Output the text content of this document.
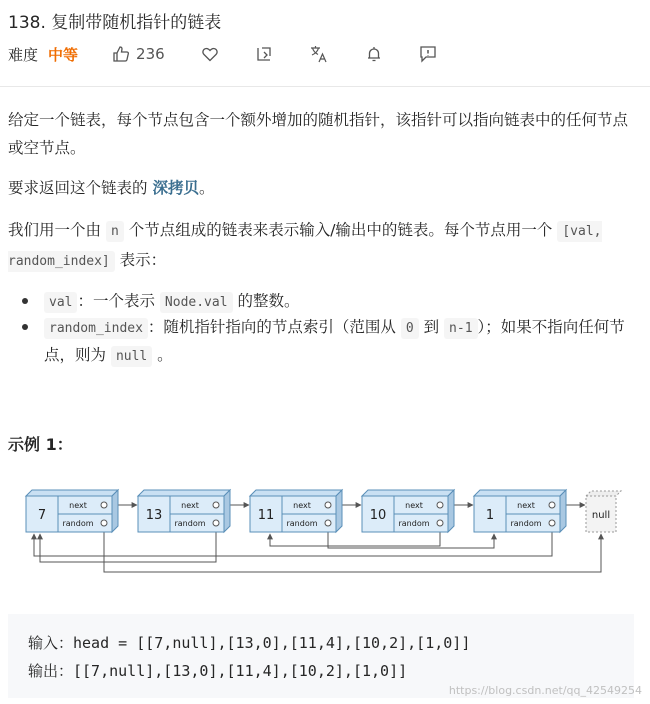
138. 复制带随机指针的链表
难度 中等	236
给定一个链表，每个节点包含一个额外增加的随机指针，该指针可以指向链表中的任何节点或空节点。
要求返回这个链表的 深拷贝。
我们用一个由 n 个节点组成的链表来表示输入/输出中的链表。每个节点用一个 [val, random_index] 表示：
val ：一个表示 Node.val 的整数。
random_index ：随机指针指向的节点索引（范围从 0 到 n-1 ）；如果不指向任何节点，则为 null 。
示例 1：
7
next
random
13
next
random
11
next
random
10
next
random
1
next
random
null
输入：head = [[7,null],[13,0],[11,4],[10,2],[1,0]]
输出：[[7,null],[13,0],[11,4],[10,2],[1,0]]
https://blog.csdn.net/qq_42549254
